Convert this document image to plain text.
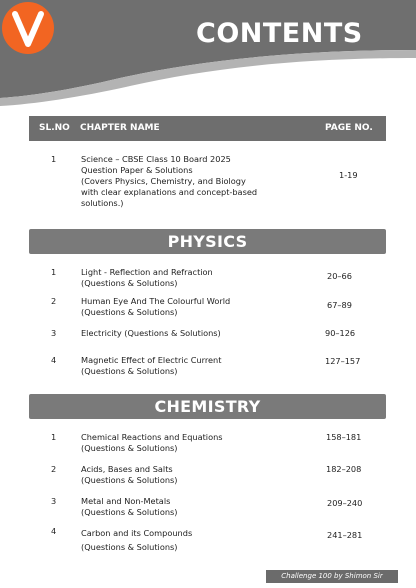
CONTENTS
SL.NO CHAPTER NAME	PAGE NO.
1	Science – CBSE Class 10 Board 2025
Question Paper & Solutions
(Covers Physics, Chemistry, and Biology
with clear explanations and concept-based
solutions.)
1-19
PHYSICS
1	Light - Reflection and Refraction
(Questions & Solutions)
20–66
2	Human Eye And The Colourful World
(Questions & Solutions)
67–89
3	Electricity (Questions & Solutions)	90–126
4	Magnetic Effect of Electric Current
(Questions & Solutions)
127–157
CHEMISTRY
1	Chemical Reactions and Equations
(Questions & Solutions)
158–181
2	Acids, Bases and Salts
(Questions & Solutions)
182–208
3	Metal and Non-Metals
(Questions & Solutions)
209–240
4	Carbon and its Compounds
(Questions & Solutions)
241–281
Challenge 100 by Shimon Sir
